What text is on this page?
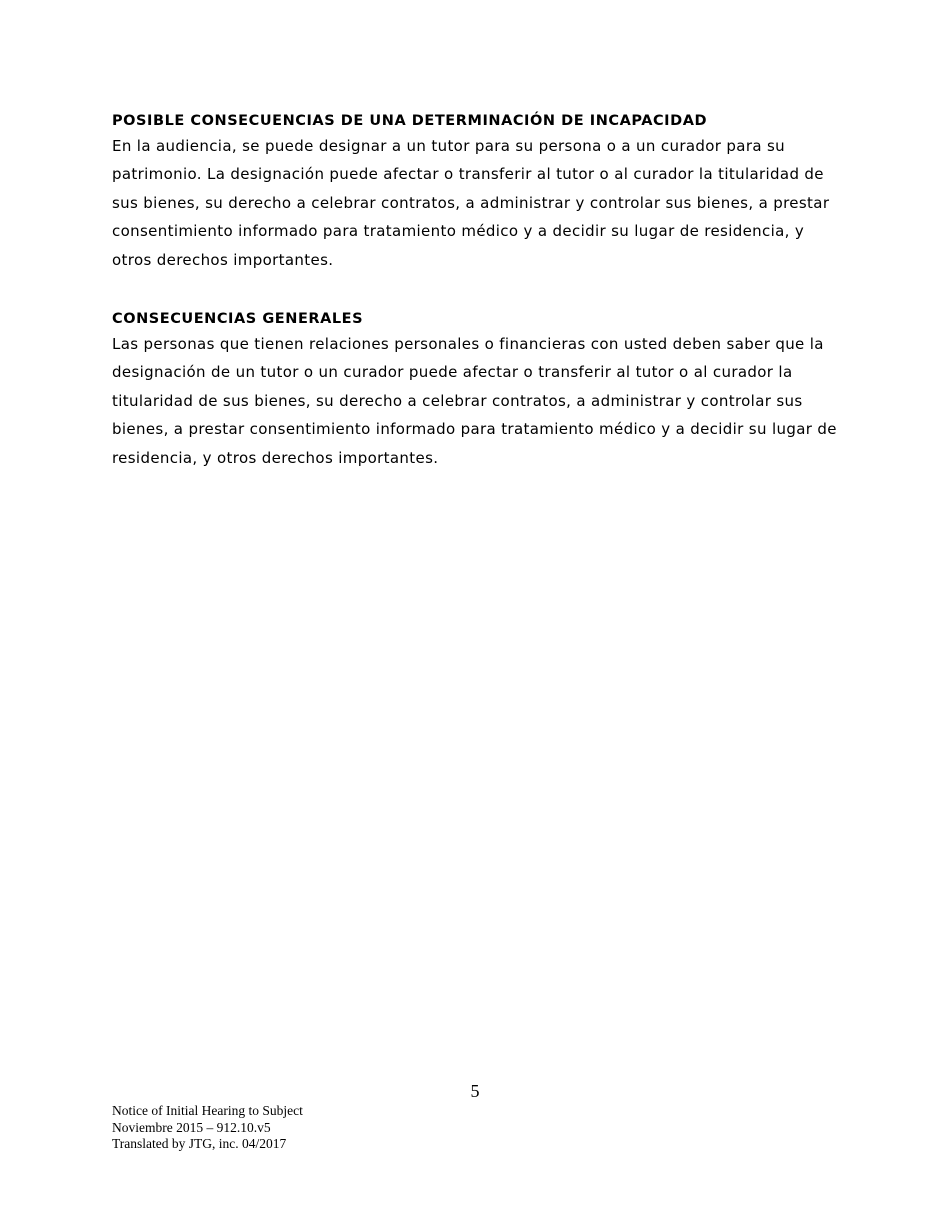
POSIBLE CONSECUENCIAS DE UNA DETERMINACIÓN DE INCAPACIDAD

En la audiencia, se puede designar a un tutor para su persona o a un curador para su patrimonio. La designación puede afectar o transferir al tutor o al curador la titularidad de sus bienes, su derecho a celebrar contratos, a administrar y controlar sus bienes, a prestar consentimiento informado para tratamiento médico y a decidir su lugar de residencia, y otros derechos importantes.

CONSECUENCIAS GENERALES

Las personas que tienen relaciones personales o financieras con usted deben saber que la designación de un tutor o un curador puede afectar o transferir al tutor o al curador la titularidad de sus bienes, su derecho a celebrar contratos, a administrar y controlar sus bienes, a prestar consentimiento informado para tratamiento médico y a decidir su lugar de residencia, y otros derechos importantes.

5
Notice of Initial Hearing to Subject
Noviembre 2015 – 912.10.v5
Translated by JTG, inc. 04/2017
